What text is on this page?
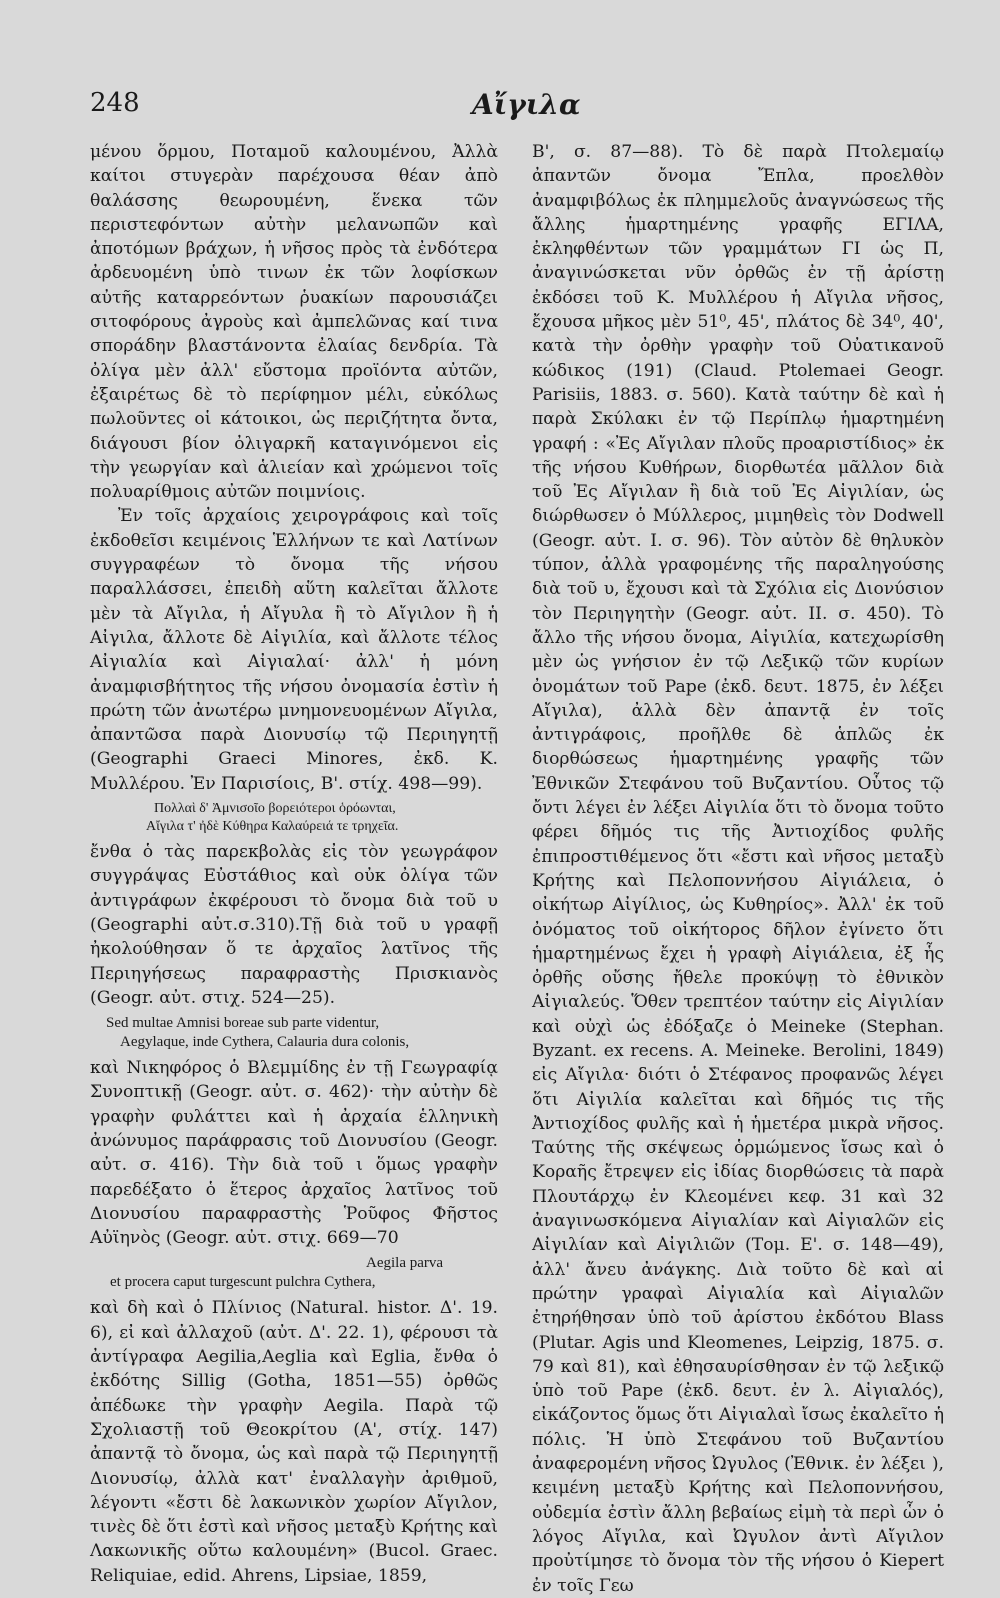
248	Αἴγιλα

μένου ὅρμου, Ποταμοῦ καλουμένου, Ἀλλὰ καίτοι στυγερὰν παρέχουσα θέαν ἀπὸ θαλάσσης θεωρουμένη, ἕνεκα τῶν περιστεφόντων αὐτὴν μελανωπῶν καὶ ἀποτόμων βράχων, ἡ νῆσος πρὸς τὰ ἐνδότερα ἀρδευομένη ὑπὸ τινων ἐκ τῶν λοφίσκων αὐτῆς καταρρεόντων ῥυακίων παρουσιάζει σιτοφόρους ἀγροὺς καὶ ἀμπελῶνας καί τινα σποράδην βλαστάνοντα ἐλαίας δενδρία. Τὰ ὀλίγα μὲν ἀλλ' εὔστομα προϊόντα αὐτῶν, ἐξαιρέτως δὲ τὸ περίφημον μέλι, εὐκόλως πωλοῦντες οἱ κάτοικοι, ὡς περιζήτητα ὄντα, διάγουσι βίον ὀλιγαρκῆ καταγινόμενοι εἰς τὴν γεωργίαν καὶ ἁλιείαν καὶ χρώμενοι τοῖς πολυαρίθμοις αὐτῶν ποιμνίοις.

Ἐν τοῖς ἀρχαίοις χειρογράφοις καὶ τοῖς ἐκδοθεῖσι κειμένοις Ἑλλήνων τε καὶ Λατίνων συγγραφέων τὸ ὄνομα τῆς νήσου παραλλάσσει, ἐπειδὴ αὕτη καλεῖται ἄλλοτε μὲν τὰ Αἴγιλα, ἡ Αἴγυλα ἢ τὸ Αἴγιλον ἢ ἡ Αἰγιλα, ἄλλοτε δὲ Αἰγιλία, καὶ ἄλλοτε τέλος Αἰγιαλία καὶ Αἰγιαλαί· ἀλλ' ἡ μόνη ἀναμφισβήτητος τῆς νήσου ὀνομασία ἐστὶν ἡ πρώτη τῶν ἀνωτέρω μνημονευομένων Αἴγιλα, ἀπαντῶσα παρὰ Διονυσίῳ τῷ Περιηγητῇ (Geographi Graeci Minores, ἐκδ. Κ. Μυλλέρου. Ἐν Παρισίοις, Β'. στίχ. 498—99).

Πολλαὶ δ' Ἀμνισοῖο βορειότεροι ὁρόωνται,
Αἴγιλα τ' ἠδὲ Κύθηρα Καλαύρειά τε τρηχεῖα.

ἔνθα ὁ τὰς παρεκβολὰς εἰς τὸν γεωγράφον συγγράψας Εὐστάθιος καὶ οὐκ ὀλίγα τῶν ἀντιγράφων ἐκφέρουσι τὸ ὄνομα διὰ τοῦ υ (Geographi αὐτ.σ.310).Τῇ διὰ τοῦ υ γραφῇ ἠκολούθησαν ὅ τε ἀρχαῖος λατῖνος τῆς Περιηγήσεως παραφραστὴς Πρισκιανὸς (Geogr. αὐτ. στιχ. 524—25).

Sed multae Amnisi boreae sub parte videntur,
Aegylaque, inde Cythera, Calauria dura colonis,

καὶ Νικηφόρος ὁ Βλεμμίδης ἐν τῇ Γεωγραφίᾳ Συνοπτικῇ (Geogr. αὐτ. σ. 462)· τὴν αὐτὴν δὲ γραφὴν φυλάττει καὶ ἡ ἀρχαία ἑλληνικὴ ἀνώνυμος παράφρασις τοῦ Διονυσίου (Geogr. αὐτ. σ. 416). Τὴν διὰ τοῦ ι ὅμως γραφὴν παρεδέξατο ὁ ἕτερος ἀρχαῖος λατῖνος τοῦ Διονυσίου παραφραστὴς Ῥοῦφος Φῆστος Αὐϊηνὸς (Geogr. αὐτ. στιχ. 669—70

Aegila parva
et procera caput turgescunt pulchra Cythera,

καὶ δὴ καὶ ὁ Πλίνιος (Natural. histor. Δ'. 19. 6), εἰ καὶ ἀλλαχοῦ (αὐτ. Δ'. 22. 1), φέρουσι τὰ ἀντίγραφα Aegilia,Aeglia καὶ Eglia, ἔνθα ὁ ἐκδότης Sillig (Gotha, 1851—55) ὀρθῶς ἀπέδωκε τὴν γραφὴν Aegila. Παρὰ τῷ Σχολιαστῇ τοῦ Θεοκρίτου (Α', στίχ. 147) ἀπαντᾷ τὸ ὄνομα, ὡς καὶ παρὰ τῷ Περιηγητῇ Διονυσίῳ, ἀλλὰ κατ' ἐναλλαγὴν ἀριθμοῦ, λέγοντι «ἔστι δὲ λακωνικὸν χωρίον Αἴγιλον, τινὲς δὲ ὅτι ἐστὶ καὶ νῆσος μεταξὺ Κρήτης καὶ Λακωνικῆς οὕτω καλουμένη» (Bucol. Graec. Reliquiae, edid. Ahrens, Lipsiae, 1859,

Β', σ. 87—88). Τὸ δὲ παρὰ Πτολεμαίῳ ἀπαντῶν ὄνομα Ἔπλα, προελθὸν ἀναμφιβόλως ἐκ πλημμελοῦς ἀναγνώσεως τῆς ἄλλης ἡμαρτημένης γραφῆς ΕΓΙΛΑ, ἐκληφθέντων τῶν γραμμάτων ΓΙ ὡς Π, ἀναγινώσκεται νῦν ὀρθῶς ἐν τῇ ἀρίστῃ ἐκδόσει τοῦ Κ. Μυλλέρου ἡ Αἴγιλα νῆσος, ἔχουσα μῆκος μὲν 51⁰, 45', πλάτος δὲ 34⁰, 40', κατὰ τὴν ὀρθὴν γραφὴν τοῦ Οὐατικανοῦ κώδικος (191) (Claud. Ptolemaei Geogr. Parisiis, 1883. σ. 560). Κατὰ ταύτην δὲ καὶ ἡ παρὰ Σκύλακι ἐν τῷ Περίπλῳ ἡμαρτημένη γραφή : «Ἐς Αἴγιλαν πλοῦς προαριστίδιος» ἐκ τῆς νήσου Κυθήρων, διορθωτέα μᾶλλον διὰ τοῦ Ἐς Αἴγιλαν ἢ διὰ τοῦ Ἐς Αἰγιλίαν, ὡς διώρθωσεν ὁ Μύλλερος, μιμηθεὶς τὸν Dodwell (Geogr. αὐτ. I. σ. 96). Τὸν αὐτὸν δὲ θηλυκὸν τύπον, ἀλλὰ γραφομένης τῆς παραληγούσης διὰ τοῦ υ, ἔχουσι καὶ τὰ Σχόλια εἰς Διονύσιον τὸν Περιηγητὴν (Geogr. αὐτ. II. σ. 450). Τὸ ἄλλο τῆς νήσου ὄνομα, Αἰγιλία, κατεχωρίσθη μὲν ὡς γνήσιον ἐν τῷ Λεξικῷ τῶν κυρίων ὀνομάτων τοῦ Pape (ἐκδ. δευτ. 1875, ἐν λέξει Αἴγιλα), ἀλλὰ δὲν ἀπαντᾷ ἐν τοῖς ἀντιγράφοις, προῆλθε δὲ ἁπλῶς ἐκ διορθώσεως ἡμαρτημένης γραφῆς τῶν Ἐθνικῶν Στεφάνου τοῦ Βυζαντίου. Οὗτος τῷ ὄντι λέγει ἐν λέξει Αἰγιλία ὅτι τὸ ὄνομα τοῦτο φέρει δῆμός τις τῆς Ἀντιοχίδος φυλῆς ἐπιπροστιθέμενος ὅτι «ἔστι καὶ νῆσος μεταξὺ Κρήτης καὶ Πελοποννήσου Αἰγιάλεια, ὁ οἰκήτωρ Αἰγίλιος, ὡς Κυθηρίος». Ἀλλ' ἐκ τοῦ ὀνόματος τοῦ οἰκήτορος δῆλον ἐγίνετο ὅτι ἡμαρτημένως ἔχει ἡ γραφὴ Αἰγιάλεια, ἐξ ἧς ὀρθῆς οὔσης ἤθελε προκύψῃ τὸ ἐθνικὸν Αἰγιαλεύς. Ὅθεν τρεπτέον ταύτην εἰς Αἰγιλίαν καὶ οὐχὶ ὡς ἐδόξαζε ὁ Meineke (Stephan. Byzant. ex recens. A. Meineke. Berolini, 1849) εἰς Αἴγιλα· διότι ὁ Στέφανος προφανῶς λέγει ὅτι Αἰγιλία καλεῖται καὶ δῆμός τις τῆς Ἀντιοχίδος φυλῆς καὶ ἡ ἡμετέρα μικρὰ νῆσος. Ταύτης τῆς σκέψεως ὁρμώμενος ἴσως καὶ ὁ Κοραῆς ἔτρεψεν εἰς ἰδίας διορθώσεις τὰ παρὰ Πλουτάρχῳ ἐν Κλεομένει κεφ. 31 καὶ 32 ἀναγινωσκόμενα Αἰγιαλίαν καὶ Αἰγιαλῶν εἰς Αἰγιλίαν καὶ Αἰγιλιῶν (Τομ. Ε'. σ. 148—49), ἀλλ' ἄνευ ἀνάγκης. Διὰ τοῦτο δὲ καὶ αἱ πρώτην γραφαὶ Αἰγιαλία καὶ Αἰγιαλῶν ἐτηρήθησαν ὑπὸ τοῦ ἀρίστου ἐκδότου Blass (Plutar. Agis und Kleomenes, Leipzig, 1875. σ. 79 καὶ 81), καὶ ἐθησαυρίσθησαν ἐν τῷ λεξικῷ ὑπὸ τοῦ Pape (ἐκδ. δευτ. ἐν λ. Αἰγιαλός), εἰκάζοντος ὅμως ὅτι Αἰγιαλαὶ ἴσως ἐκαλεῖτο ἡ πόλις. Ἡ ὑπὸ Στεφάνου τοῦ Βυζαντίου ἀναφερομένη νῆσος Ὠγυλος (Ἐθνικ. ἐν λέξει ), κειμένη μεταξὺ Κρήτης καὶ Πελοποννήσου, οὐδεμία ἐστὶν ἄλλη βεβαίως εἰμὴ τὰ περὶ ὧν ὁ λόγος Αἴγιλα, καὶ Ὠγυλον ἀντὶ Αἴγιλον προὐτίμησε τὸ ὄνομα τὸν τῆς νήσου ὁ Kiepert ἐν τοῖς Γεω
